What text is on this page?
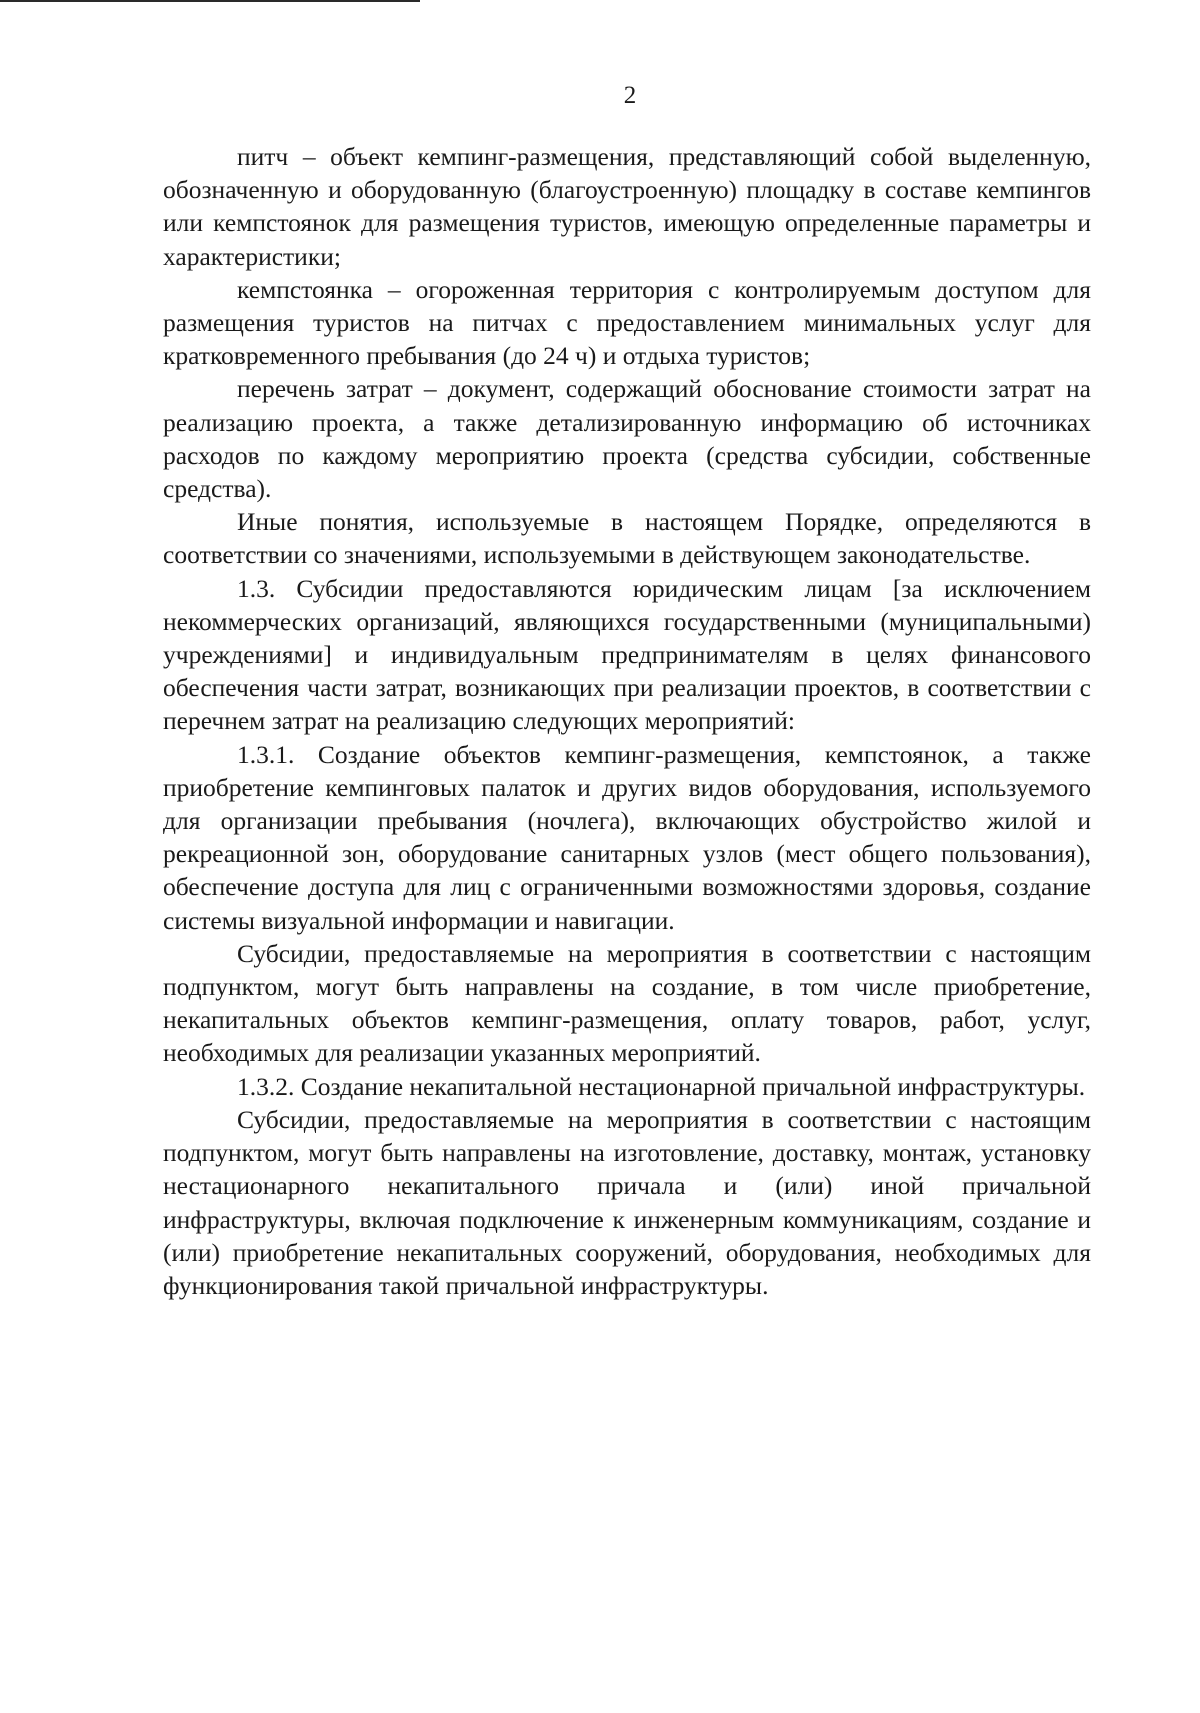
2

питч – объект кемпинг-размещения, представляющий собой выделенную, обозначенную и оборудованную (благоустроенную) площадку в составе кемпингов или кемпстоянок для размещения туристов, имеющую определенные параметры и характеристики;

кемпстоянка – огороженная территория с контролируемым доступом для размещения туристов на питчах с предоставлением минимальных услуг для кратковременного пребывания (до 24 ч) и отдыха туристов;

перечень затрат – документ, содержащий обоснование стоимости затрат на реализацию проекта, а также детализированную информацию об источниках расходов по каждому мероприятию проекта (средства субсидии, собственные средства).

Иные понятия, используемые в настоящем Порядке, определяются в соответствии со значениями, используемыми в действующем законодательстве.

1.3. Субсидии предоставляются юридическим лицам [за исключением некоммерческих организаций, являющихся государственными (муниципальными) учреждениями] и индивидуальным предпринимателям в целях финансового обеспечения части затрат, возникающих при реализации проектов, в соответствии с перечнем затрат на реализацию следующих мероприятий:

1.3.1. Создание объектов кемпинг-размещения, кемпстоянок, а также приобретение кемпинговых палаток и других видов оборудования, используемого для организации пребывания (ночлега), включающих обустройство жилой и рекреационной зон, оборудование санитарных узлов (мест общего пользования), обеспечение доступа для лиц с ограниченными возможностями здоровья, создание системы визуальной информации и навигации.

Субсидии, предоставляемые на мероприятия в соответствии с настоящим подпунктом, могут быть направлены на создание, в том числе приобретение, некапитальных объектов кемпинг-размещения, оплату товаров, работ, услуг, необходимых для реализации указанных мероприятий.

1.3.2. Создание некапитальной нестационарной причальной инфраструктуры.

Субсидии, предоставляемые на мероприятия в соответствии с настоящим подпунктом, могут быть направлены на изготовление, доставку, монтаж, установку нестационарного некапитального причала и (или) иной причальной инфраструктуры, включая подключение к инженерным коммуникациям, создание и (или) приобретение некапитальных сооружений, оборудования, необходимых для функционирования такой причальной инфраструктуры.
